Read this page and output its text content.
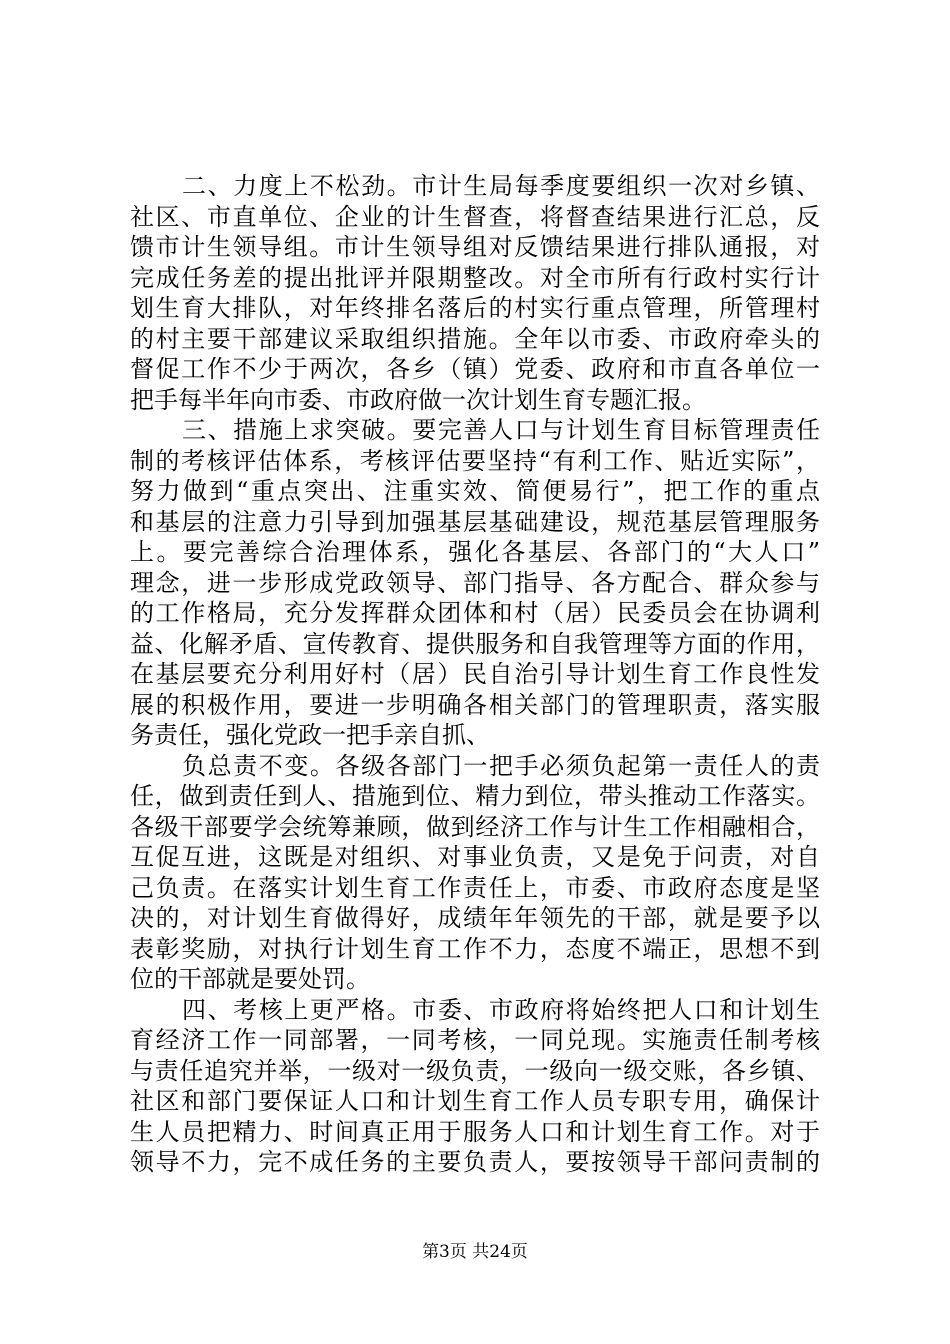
二、力度上不松劲。市计生局每季度要组织一次对乡镇、
社区、市直单位、企业的计生督查，将督查结果进行汇总，反
馈市计生领导组。市计生领导组对反馈结果进行排队通报，对
完成任务差的提出批评并限期整改。对全市所有行政村实行计
划生育大排队，对年终排名落后的村实行重点管理，所管理村
的村主要干部建议采取组织措施。全年以市委、市政府牵头的
督促工作不少于两次，各乡（镇）党委、政府和市直各单位一
把手每半年向市委、市政府做一次计划生育专题汇报。
三、措施上求突破。要完善人口与计划生育目标管理责任
制的考核评估体系，考核评估要坚持“有利工作、贴近实际”，
努力做到“重点突出、注重实效、简便易行”，把工作的重点
和基层的注意力引导到加强基层基础建设，规范基层管理服务
上。要完善综合治理体系，强化各基层、各部门的“大人口”
理念，进一步形成党政领导、部门指导、各方配合、群众参与
的工作格局，充分发挥群众团体和村（居）民委员会在协调利
益、化解矛盾、宣传教育、提供服务和自我管理等方面的作用，
在基层要充分利用好村（居）民自治引导计划生育工作良性发
展的积极作用，要进一步明确各相关部门的管理职责，落实服
务责任，强化党政一把手亲自抓、
负总责不变。各级各部门一把手必须负起第一责任人的责
任，做到责任到人、措施到位、精力到位，带头推动工作落实。
各级干部要学会统筹兼顾，做到经济工作与计生工作相融相合，
互促互进，这既是对组织、对事业负责，又是免于问责，对自
己负责。在落实计划生育工作责任上，市委、市政府态度是坚
决的，对计划生育做得好，成绩年年领先的干部，就是要予以
表彰奖励，对执行计划生育工作不力，态度不端正，思想不到
位的干部就是要处罚。
四、考核上更严格。市委、市政府将始终把人口和计划生
育经济工作一同部署，一同考核，一同兑现。实施责任制考核
与责任追究并举，一级对一级负责，一级向一级交账，各乡镇、
社区和部门要保证人口和计划生育工作人员专职专用，确保计
生人员把精力、时间真正用于服务人口和计划生育工作。对于
领导不力，完不成任务的主要负责人，要按领导干部问责制的
第3页 共24页
